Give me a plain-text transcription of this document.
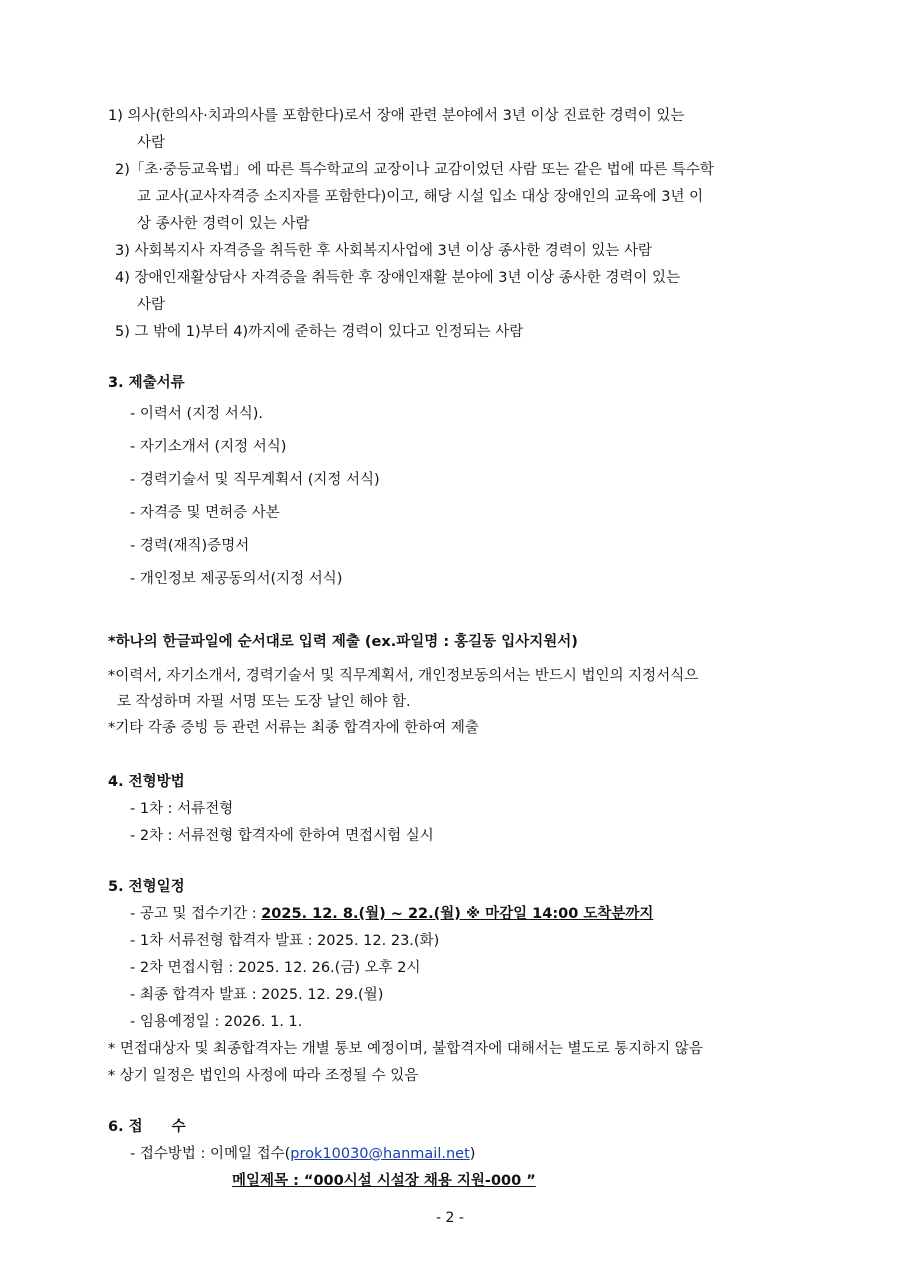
1) 의사(한의사·치과의사를 포함한다)로서 장애 관련 분야에서 3년 이상 진료한 경력이 있는
사람
2)「초·중등교육법」에 따른 특수학교의 교장이나 교감이었던 사람 또는 같은 법에 따른 특수학
교 교사(교사자격증 소지자를 포함한다)이고, 해당 시설 입소 대상 장애인의 교육에 3년 이
상 종사한 경력이 있는 사람
3) 사회복지사 자격증을 취득한 후 사회복지사업에 3년 이상 종사한 경력이 있는 사람
4) 장애인재활상담사 자격증을 취득한 후 장애인재활 분야에 3년 이상 종사한 경력이 있는
사람
5) 그 밖에 1)부터 4)까지에 준하는 경력이 있다고 인정되는 사람
3. 제출서류
- 이력서 (지정 서식).
- 자기소개서 (지정 서식)
- 경력기술서 및 직무계획서 (지정 서식)
- 자격증 및 면허증 사본
- 경력(재직)증명서
- 개인정보 제공동의서(지정 서식)
*하나의 한글파일에 순서대로 입력 제출 (ex.파일명 : 홍길동 입사지원서)
*이력서, 자기소개서, 경력기술서 및 직무계획서, 개인정보동의서는 반드시 법인의 지정서식으
로 작성하며 자필 서명 또는 도장 날인 해야 함.
*기타 각종 증빙 등 관련 서류는 최종 합격자에 한하여 제출
4. 전형방법
- 1차 : 서류전형
- 2차 : 서류전형 합격자에 한하여 면접시험 실시
5. 전형일정
- 공고 및 접수기간 : 2025. 12. 8.(월) ~ 22.(월) ※ 마감일 14:00 도착분까지
- 1차 서류전형 합격자 발표 : 2025. 12. 23.(화)
- 2차 면접시험 : 2025. 12. 26.(금) 오후 2시
- 최종 합격자 발표 : 2025. 12. 29.(월)
- 임용예정일 : 2026. 1. 1.
* 면접대상자 및 최종합격자는 개별 통보 예정이며, 불합격자에 대해서는 별도로 통지하지 않음
* 상기 일정은 법인의 사정에 따라 조정될 수 있음
6. 접　　수
- 접수방법 : 이메일 접수(prok10030@hanmail.net)
메일제목 : “000시설 시설장 채용 지원-000 ”
- 2 -
